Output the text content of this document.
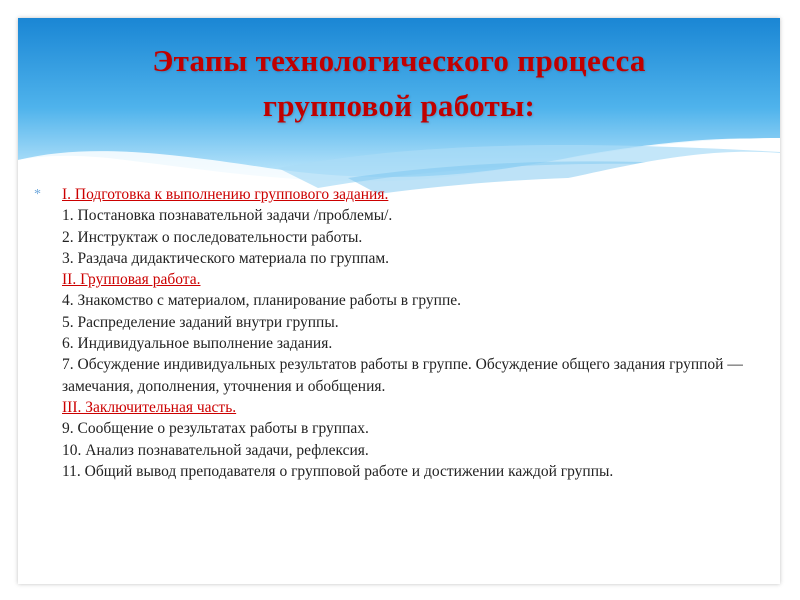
Этапы технологического процесса
групповой работы:
*	I. Подготовка к выполнению группового задания.
1. Постановка познавательной задачи /проблемы/.
2. Инструктаж о последовательности работы.
3. Раздача дидактического материала по группам.
II. Групповая работа.
4. Знакомство с материалом, планирование работы в группе.
5. Распределение заданий внутри группы.
6. Индивидуальное выполнение задания.
7. Обсуждение индивидуальных результатов работы в группе. Обсуждение общего задания группой — замечания, дополнения, уточнения и обобщения.
III. Заключительная часть.
9. Сообщение о результатах работы в группах.
10. Анализ познавательной задачи, рефлексия.
11. Общий вывод преподавателя о групповой работе и достижении каждой группы.
